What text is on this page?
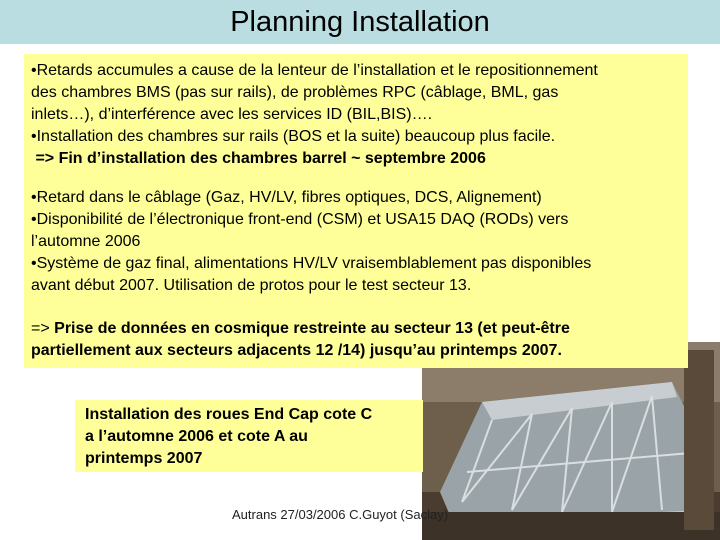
Planning Installation
•Retards accumules a cause de la lenteur de l’installation et le repositionnement
des chambres BMS (pas sur rails), de problèmes RPC (câblage, BML, gas
inlets…), d’interférence avec les services ID (BIL,BIS)….
•Installation des chambres sur rails (BOS et la suite) beaucoup plus facile.
=> Fin d’installation des chambres barrel ~ septembre 2006
•Retard dans le câblage (Gaz, HV/LV, fibres optiques, DCS, Alignement)
•Disponibilité de l’électronique front-end (CSM) et USA15 DAQ (RODs) vers
l’automne 2006
•Système de gaz final, alimentations HV/LV vraisemblablement pas disponibles
avant début 2007. Utilisation de protos pour le test secteur 13.
=> Prise de données en cosmique restreinte au secteur 13 (et peut-être
partiellement aux secteurs adjacents 12 /14) jusqu’au printemps 2007.
Installation des roues End Cap cote C
a l’automne 2006 et cote A au
printemps 2007
Autrans 27/03/2006 C.Guyot (Saclay)
